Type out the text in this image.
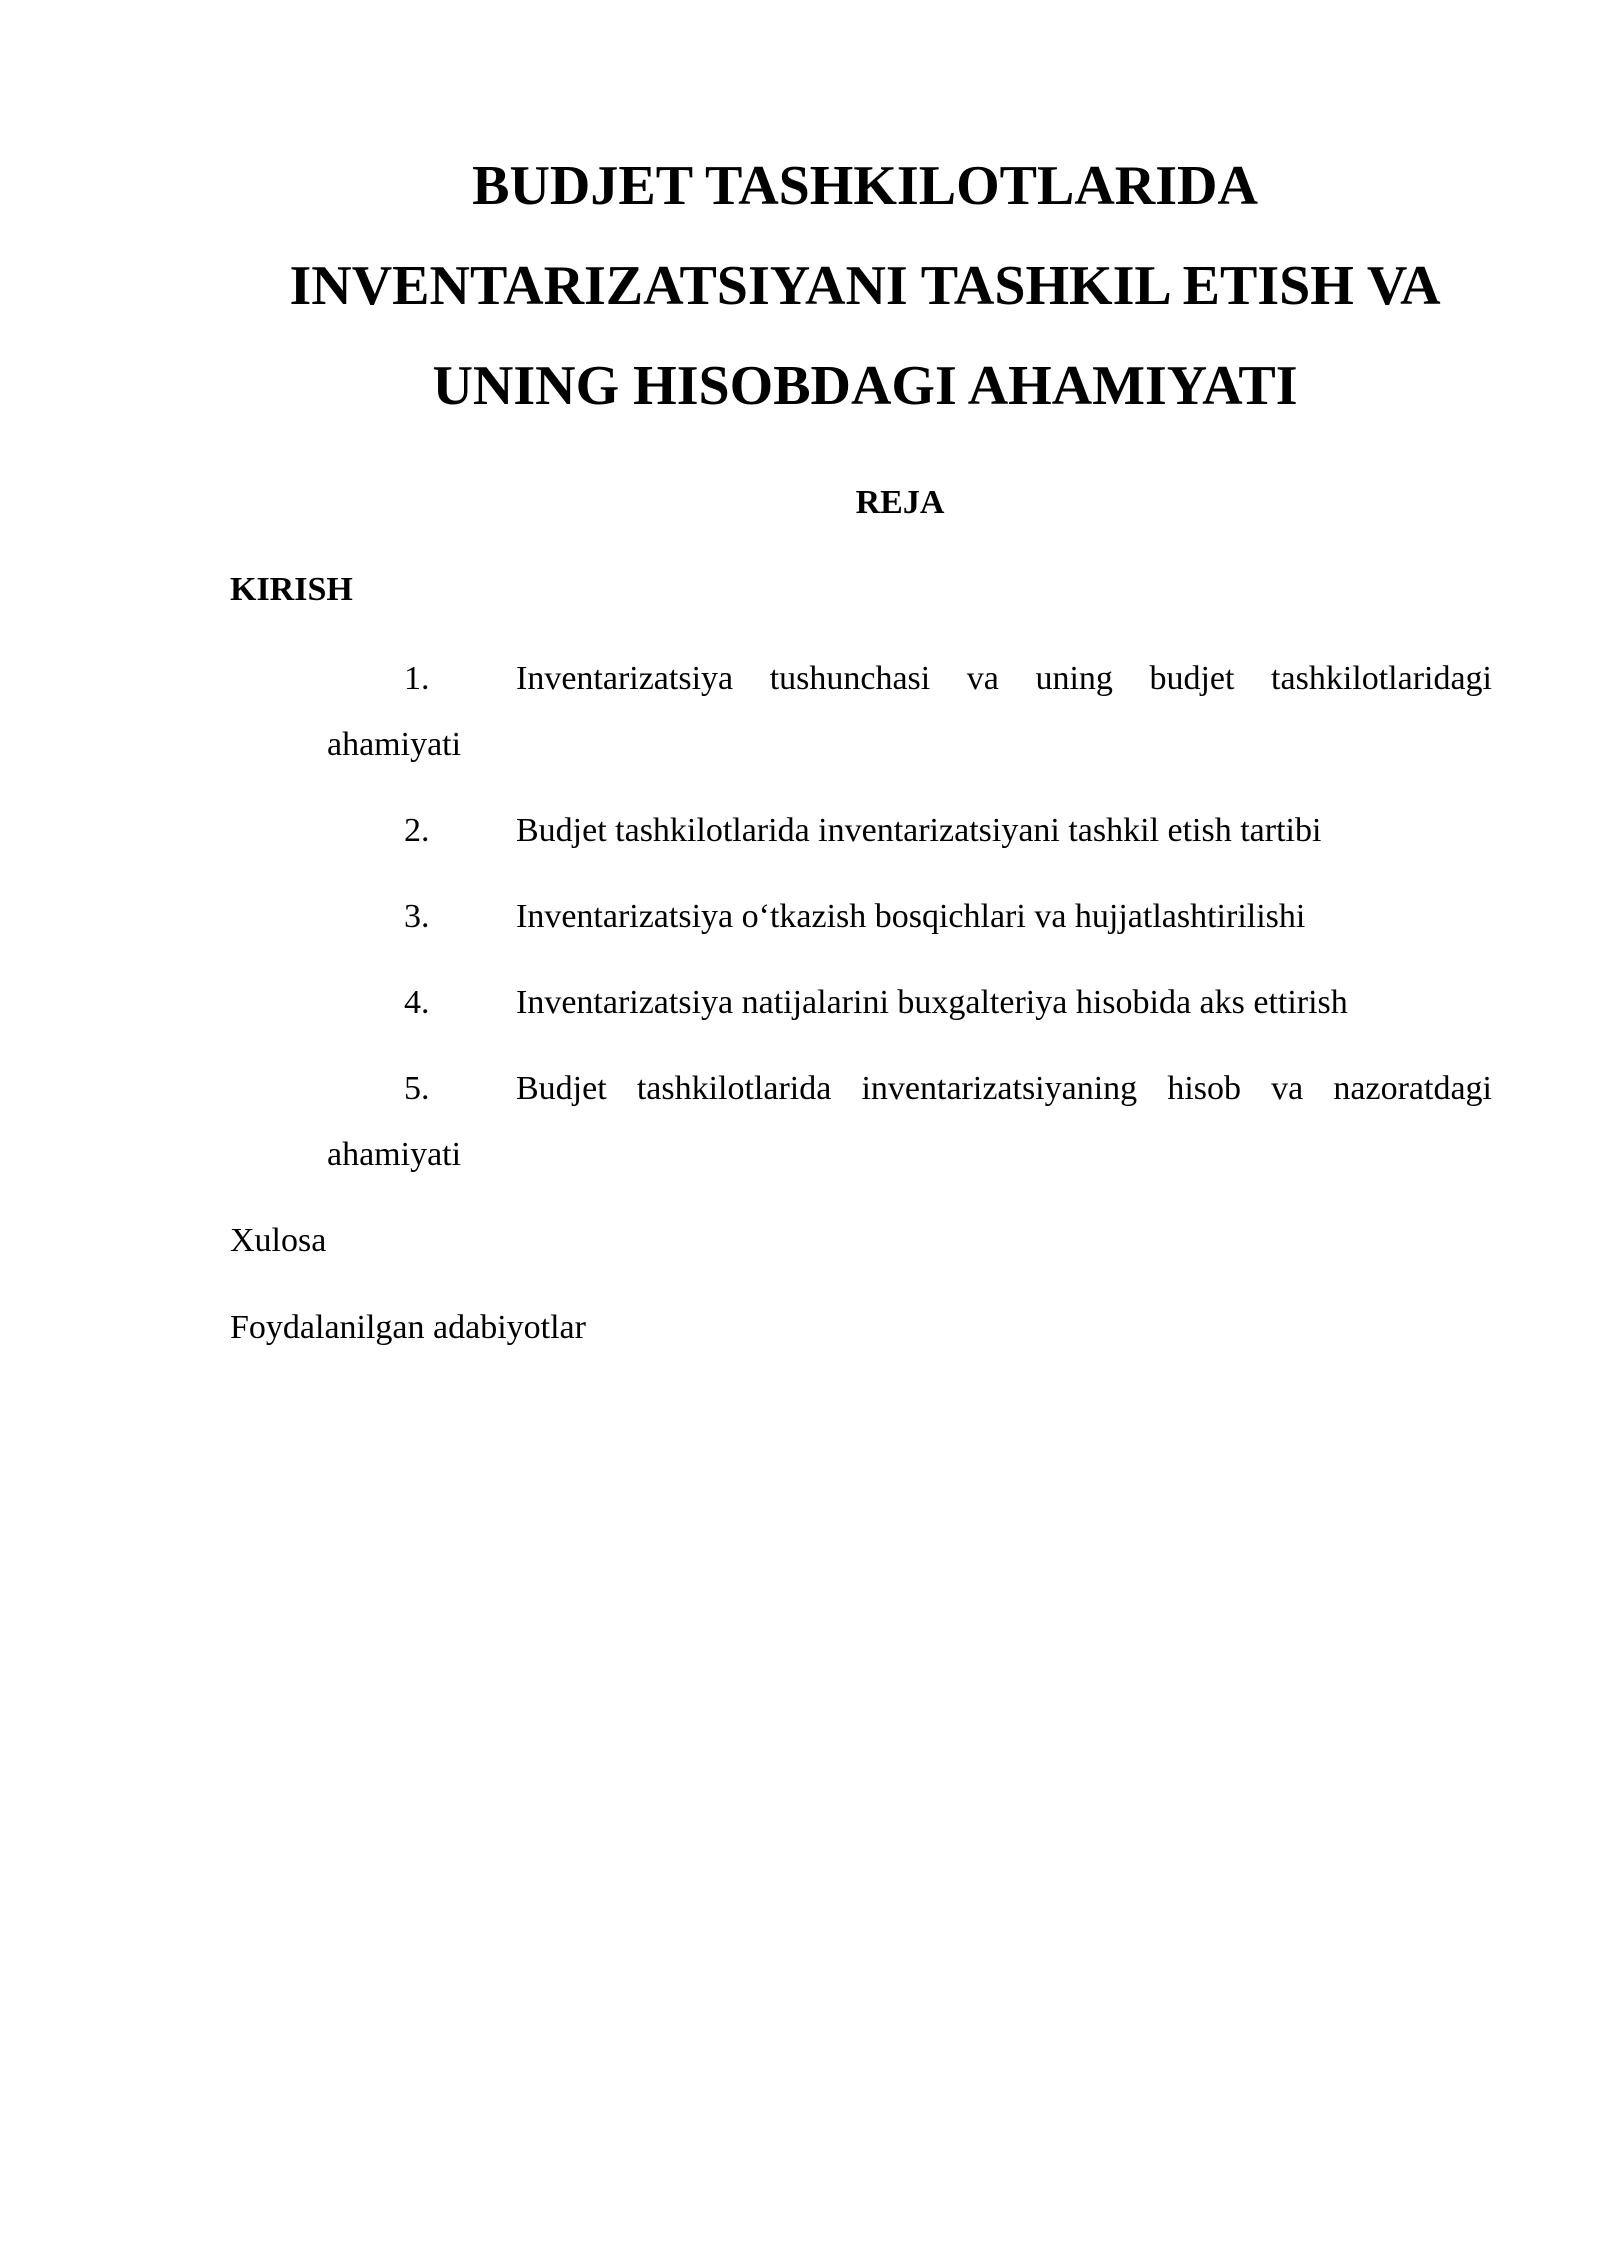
BUDJET TASHKILOTLARIDA
INVENTARIZATSIYANI TASHKIL ETISH VA
UNING HISOBDAGI AHAMIYATI

REJA

KIRISH

1.	Inventarizatsiya tushunchasi va uning budjet tashkilotlaridagi
ahamiyati
2.	Budjet tashkilotlarida inventarizatsiyani tashkil etish tartibi
3.	Inventarizatsiya o‘tkazish bosqichlari va hujjatlashtirilishi
4.	Inventarizatsiya natijalarini buxgalteriya hisobida aks ettirish
5.	Budjet tashkilotlarida inventarizatsiyaning hisob va nazoratdagi
ahamiyati

Xulosa

Foydalanilgan adabiyotlar
